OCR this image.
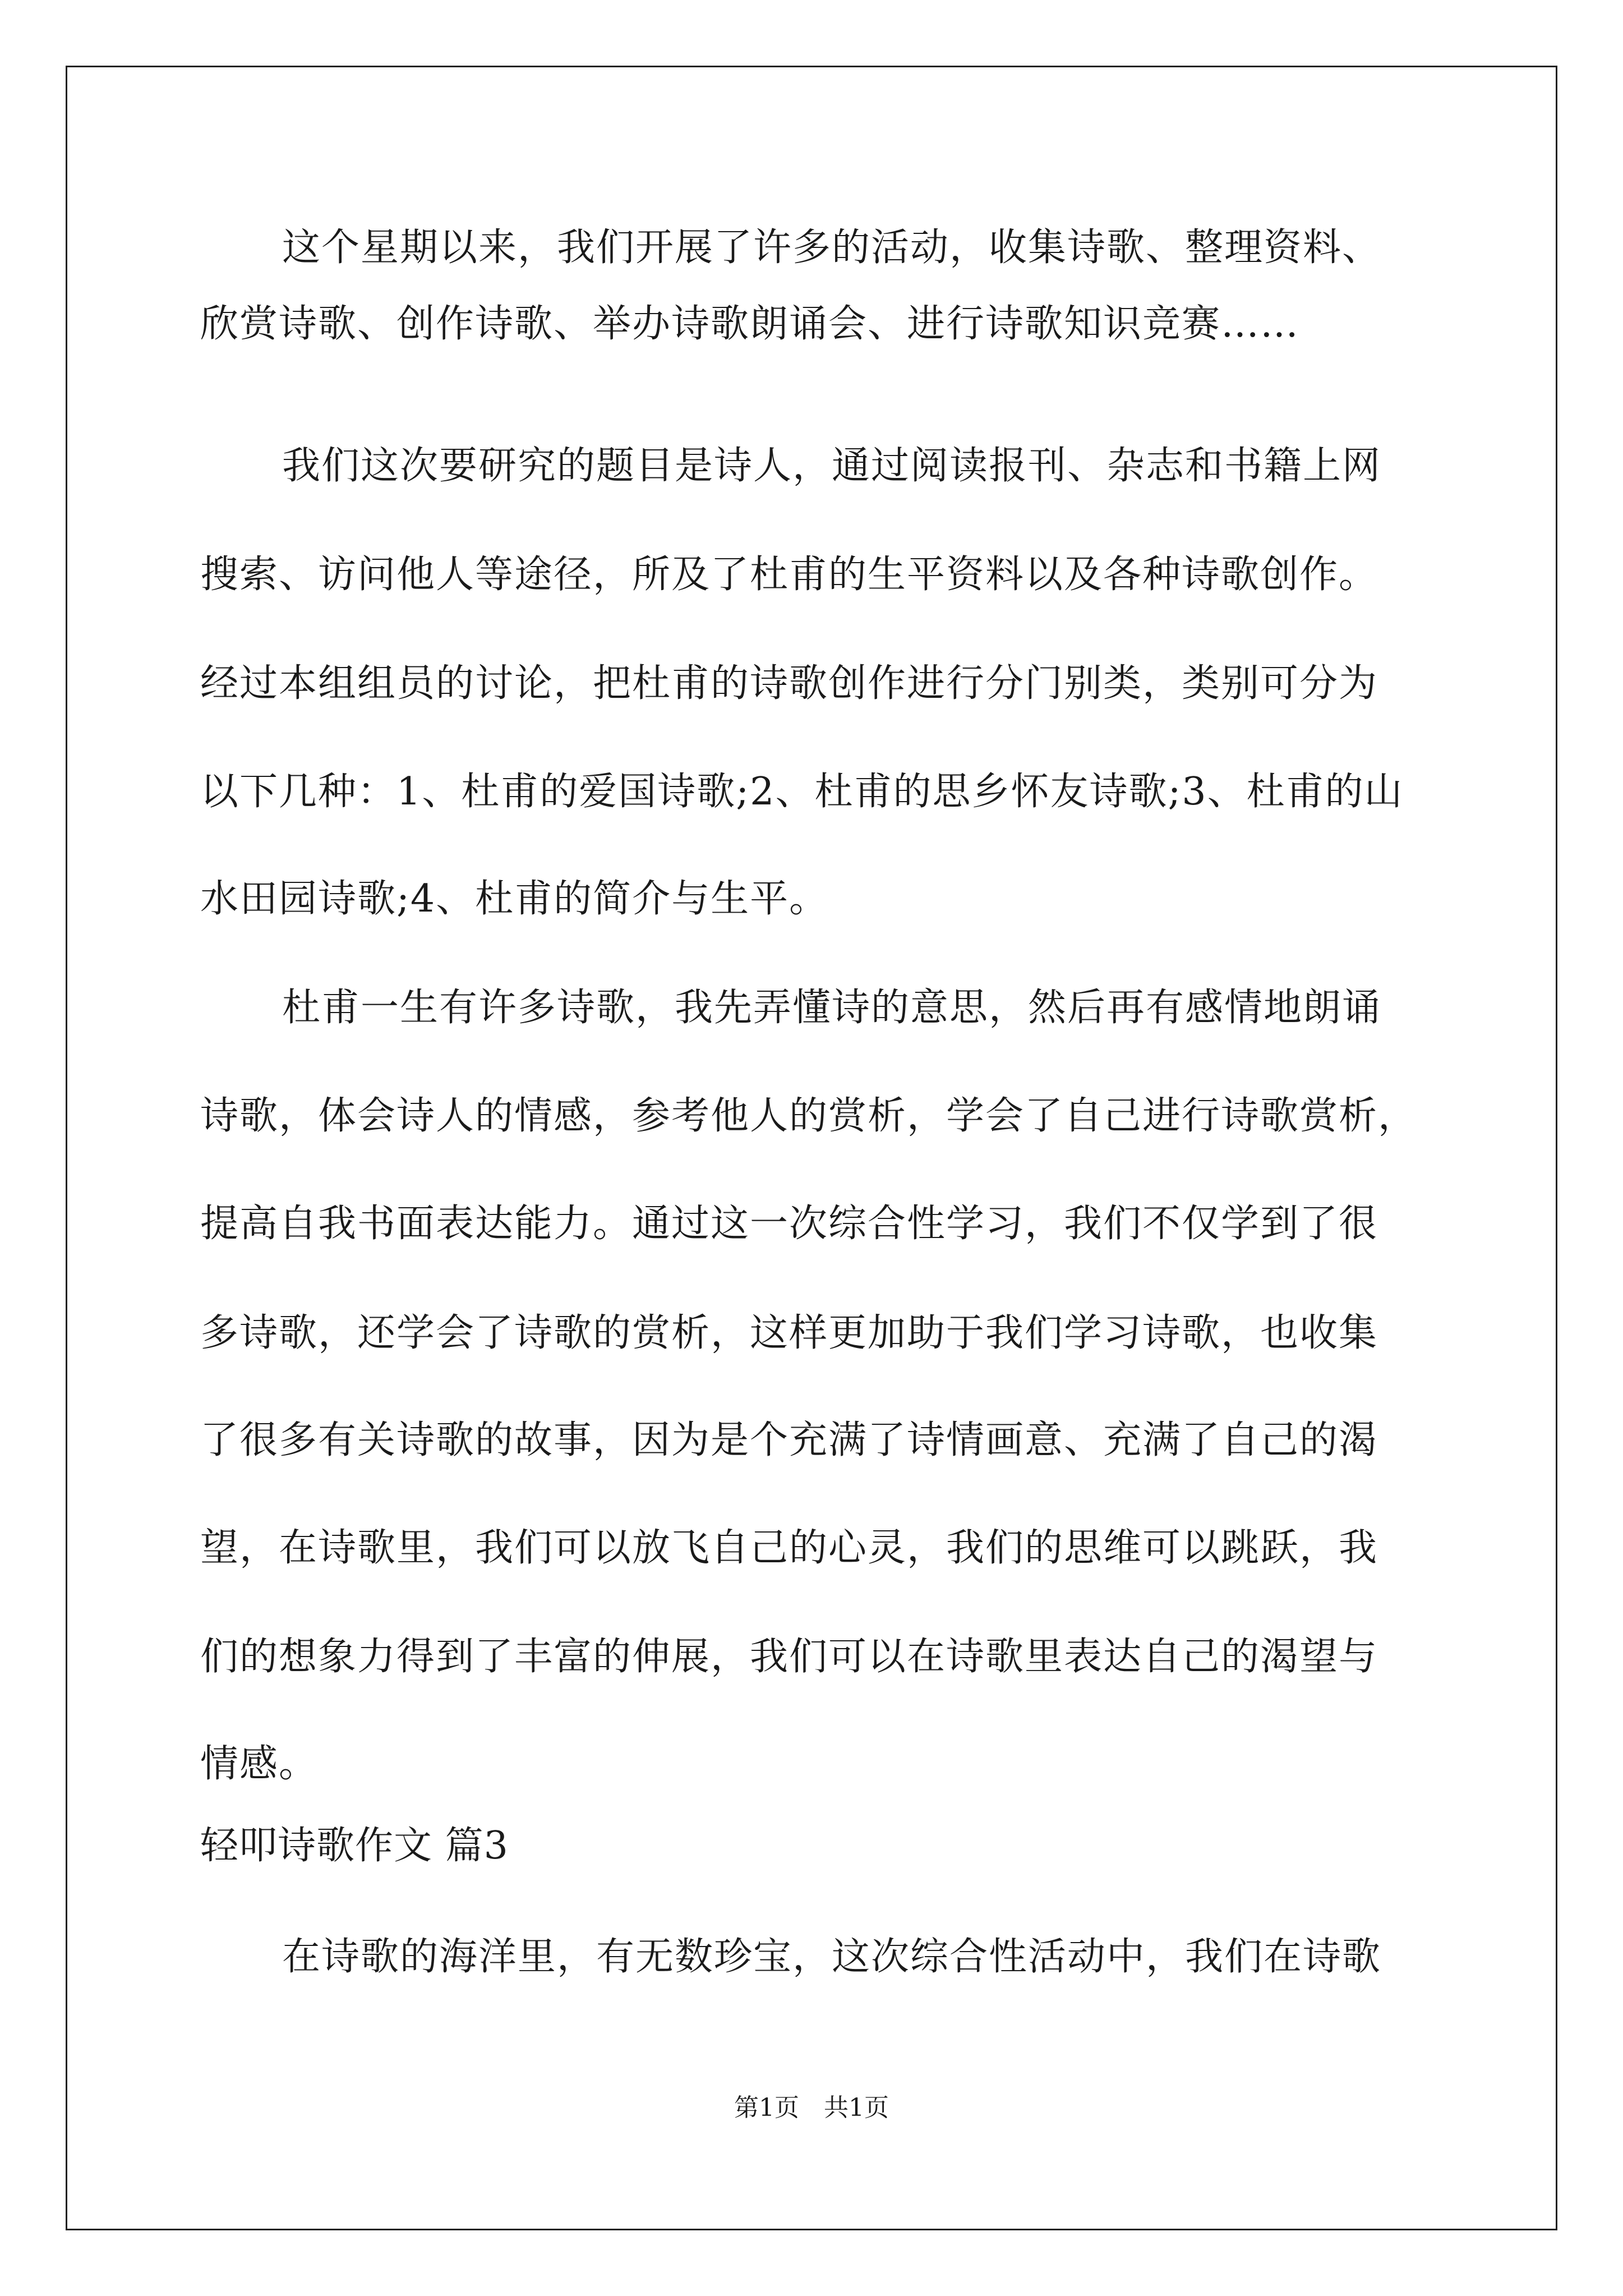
这个星期以来，我们开展了许多的活动，收集诗歌、整理资料、
欣赏诗歌、创作诗歌、举办诗歌朗诵会、进行诗歌知识竞赛……
我们这次要研究的题目是诗人，通过阅读报刊、杂志和书籍上网
搜索、访问他人等途径，所及了杜甫的生平资料以及各种诗歌创作。
经过本组组员的讨论，把杜甫的诗歌创作进行分门别类，类别可分为
以下几种：1、杜甫的爱国诗歌;2、杜甫的思乡怀友诗歌;3、杜甫的山
水田园诗歌;4、杜甫的简介与生平。
杜甫一生有许多诗歌，我先弄懂诗的意思，然后再有感情地朗诵
诗歌，体会诗人的情感，参考他人的赏析，学会了自己进行诗歌赏析，
提高自我书面表达能力。通过这一次综合性学习，我们不仅学到了很
多诗歌，还学会了诗歌的赏析，这样更加助于我们学习诗歌，也收集
了很多有关诗歌的故事，因为是个充满了诗情画意、充满了自己的渴
望，在诗歌里，我们可以放飞自己的心灵，我们的思维可以跳跃，我
们的想象力得到了丰富的伸展，我们可以在诗歌里表达自己的渴望与
情感。
轻叩诗歌作文 篇3
在诗歌的海洋里，有无数珍宝，这次综合性活动中，我们在诗歌
第1页 共1页
